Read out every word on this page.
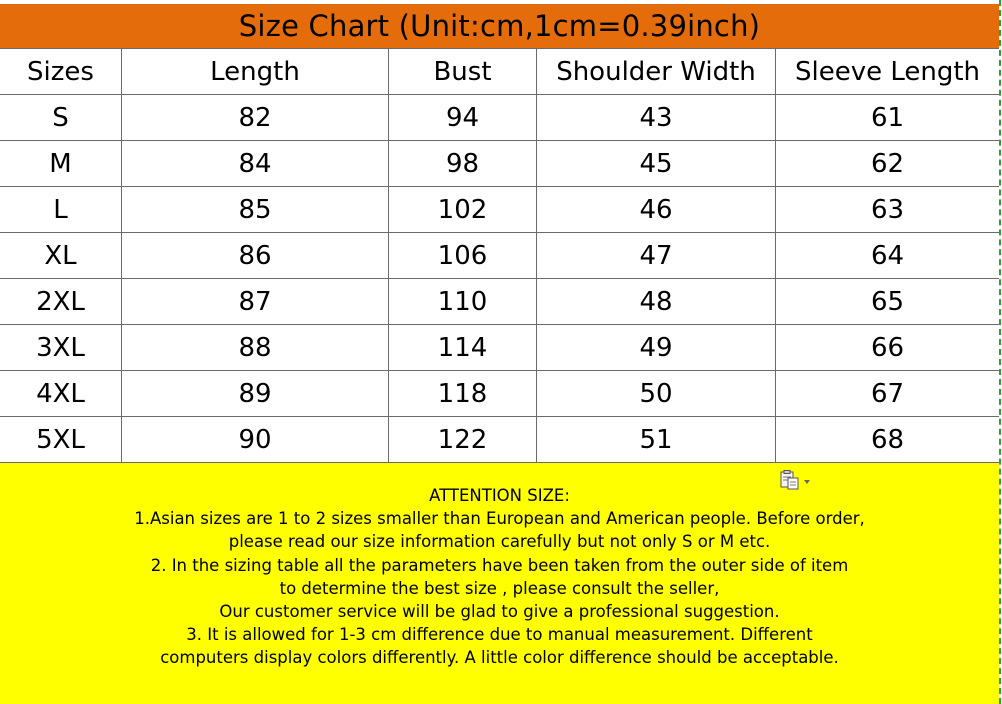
Size Chart (Unit:cm,1cm=0.39inch)
Sizes	Length	Bust	Shoulder Width	Sleeve Length
S	82	94	43	61
M	84	98	45	62
L	85	102	46	63
XL	86	106	47	64
2XL	87	110	48	65
3XL	88	114	49	66
4XL	89	118	50	67
5XL	90	122	51	68
ATTENTION SIZE:
1.Asian sizes are 1 to 2 sizes smaller than European and American people. Before order,
please read our size information carefully but not only S or M etc.
2. In the sizing table all the parameters have been taken from the outer side of item
to determine the best size , please consult the seller,
Our customer service will be glad to give a professional suggestion.
3. It is allowed for 1-3 cm difference due to manual measurement. Different
computers display colors differently. A little color difference should be acceptable.
